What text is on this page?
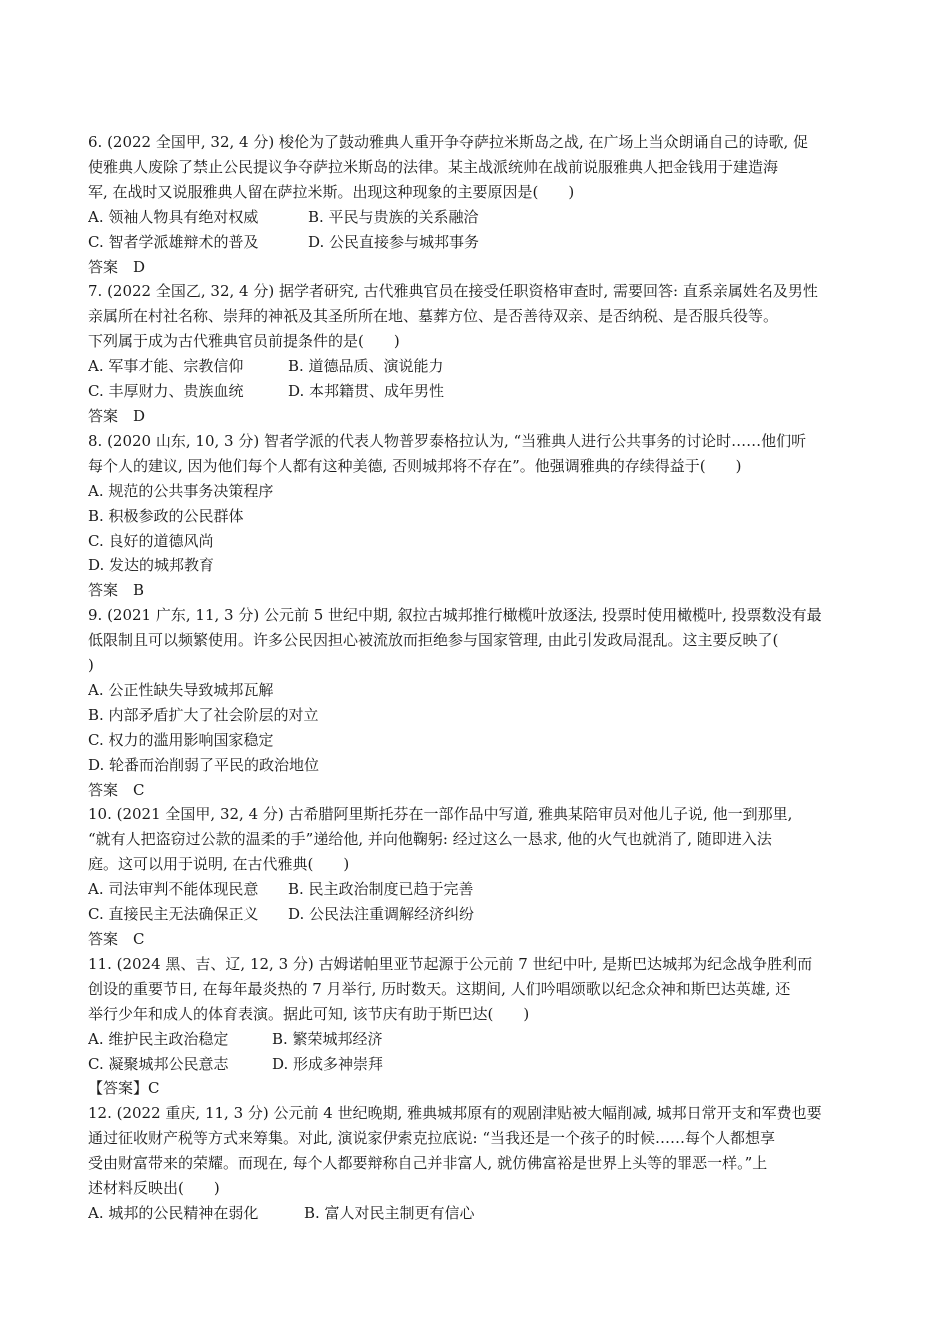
6. (2022 全国甲, 32, 4 分) 梭伦为了鼓动雅典人重开争夺萨拉米斯岛之战, 在广场上当众朗诵自己的诗歌, 促
使雅典人废除了禁止公民提议争夺萨拉米斯岛的法律。某主战派统帅在战前说服雅典人把金钱用于建造海
军, 在战时又说服雅典人留在萨拉米斯。出现这种现象的主要原因是(　　)
A. 领袖人物具有绝对权威	B. 平民与贵族的关系融洽
C. 智者学派雄辩术的普及	D. 公民直接参与城邦事务
答案　D
7. (2022 全国乙, 32, 4 分) 据学者研究, 古代雅典官员在接受任职资格审查时, 需要回答: 直系亲属姓名及男性
亲属所在村社名称、崇拜的神祇及其圣所所在地、墓葬方位、是否善待双亲、是否纳税、是否服兵役等。
下列属于成为古代雅典官员前提条件的是(　　)
A. 军事才能、宗教信仰	B. 道德品质、演说能力
C. 丰厚财力、贵族血统	D. 本邦籍贯、成年男性
答案　D
8. (2020 山东, 10, 3 分) 智者学派的代表人物普罗泰格拉认为, “当雅典人进行公共事务的讨论时……他们听
每个人的建议, 因为他们每个人都有这种美德, 否则城邦将不存在”。他强调雅典的存续得益于(　　)
A. 规范的公共事务决策程序
B. 积极参政的公民群体
C. 良好的道德风尚
D. 发达的城邦教育
答案　B
9. (2021 广东, 11, 3 分) 公元前 5 世纪中期, 叙拉古城邦推行橄榄叶放逐法, 投票时使用橄榄叶, 投票数没有最
低限制且可以频繁使用。许多公民因担心被流放而拒绝参与国家管理, 由此引发政局混乱。这主要反映了(
)
A. 公正性缺失导致城邦瓦解
B. 内部矛盾扩大了社会阶层的对立
C. 权力的滥用影响国家稳定
D. 轮番而治削弱了平民的政治地位
答案　C
10. (2021 全国甲, 32, 4 分) 古希腊阿里斯托芬在一部作品中写道, 雅典某陪审员对他儿子说, 他一到那里,
“就有人把盗窃过公款的温柔的手”递给他, 并向他鞠躬: 经过这么一恳求, 他的火气也就消了, 随即进入法
庭。这可以用于说明, 在古代雅典(　　)
A. 司法审判不能体现民意	B. 民主政治制度已趋于完善
C. 直接民主无法确保正义	D. 公民法注重调解经济纠纷
答案　C
11. (2024 黑、吉、辽, 12, 3 分) 古姆诺帕里亚节起源于公元前 7 世纪中叶, 是斯巴达城邦为纪念战争胜利而
创设的重要节日, 在每年最炎热的 7 月举行, 历时数天。这期间, 人们吟唱颂歌以纪念众神和斯巴达英雄, 还
举行少年和成人的体育表演。据此可知, 该节庆有助于斯巴达(　　)
A. 维护民主政治稳定	B. 繁荣城邦经济
C. 凝聚城邦公民意志	D. 形成多神崇拜
【答案】C
12. (2022 重庆, 11, 3 分) 公元前 4 世纪晚期, 雅典城邦原有的观剧津贴被大幅削减, 城邦日常开支和军费也要
通过征收财产税等方式来筹集。对此, 演说家伊索克拉底说: “当我还是一个孩子的时候……每个人都想享
受由财富带来的荣耀。而现在, 每个人都要辩称自己并非富人, 就仿佛富裕是世界上头等的罪恶一样。”上
述材料反映出(　　)
A. 城邦的公民精神在弱化	B. 富人对民主制更有信心
